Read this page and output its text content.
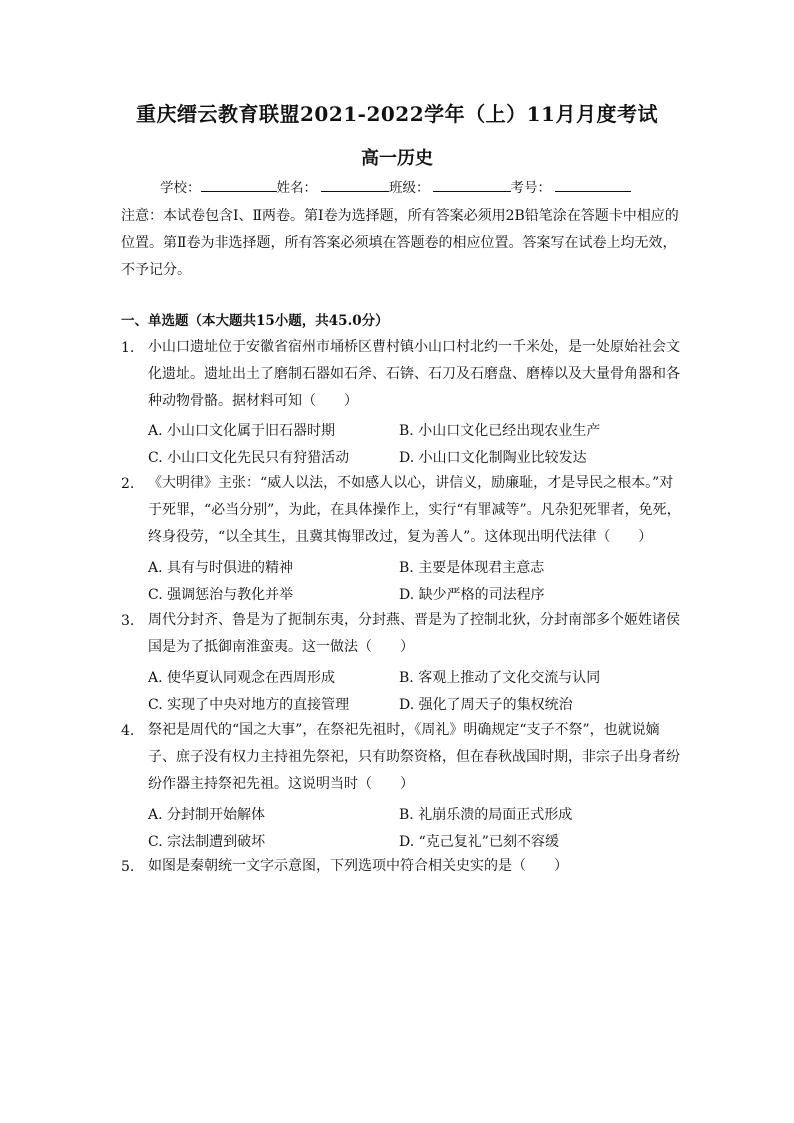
重庆缙云教育联盟2021-2022学年（上）11月月度考试
高一历史
学校：	姓名：	班级：	考号：
注意：本试卷包含Ⅰ、Ⅱ两卷。第Ⅰ卷为选择题，所有答案必须用2B铅笔涂在答题卡中相应的位置。第Ⅱ卷为非选择题，所有答案必须填在答题卷的相应位置。答案写在试卷上均无效，不予记分。
一、单选题（本大题共15小题，共45.0分）
1. 小山口遗址位于安徽省宿州市埇桥区曹村镇小山口村北约一千米处，是一处原始社会文化遗址。遗址出土了磨制石器如石斧、石锛、石刀及石磨盘、磨棒以及大量骨角器和各种动物骨骼。据材料可知（　　）
A. 小山口文化属于旧石器时期	B. 小山口文化已经出现农业生产
C. 小山口文化先民只有狩猎活动	D. 小山口文化制陶业比较发达
2. 《大明律》主张：“威人以法，不如感人以心，讲信义，励廉耻，才是导民之根本。”对于死罪，“必当分别”，为此，在具体操作上，实行“有罪减等”。凡杂犯死罪者，免死，终身役劳，“以全其生，且冀其悔罪改过，复为善人”。这体现出明代法律（　　）
A. 具有与时俱进的精神	B. 主要是体现君主意志
C. 强调惩治与教化并举	D. 缺少严格的司法程序
3. 周代分封齐、鲁是为了扼制东夷，分封燕、晋是为了控制北狄，分封南部多个姬姓诸侯国是为了抵御南淮蛮夷。这一做法（　　）
A. 使华夏认同观念在西周形成	B. 客观上推动了文化交流与认同
C. 实现了中央对地方的直接管理	D. 强化了周天子的集权统治
4. 祭祀是周代的“国之大事”，在祭祀先祖时，《周礼》明确规定“支子不祭”，也就说嫡子、庶子没有权力主持祖先祭祀，只有助祭资格，但在春秋战国时期，非宗子出身者纷纷作器主持祭祀先祖。这说明当时（　　）
A. 分封制开始解体	B. 礼崩乐溃的局面正式形成
C. 宗法制遭到破坏	D. “克己复礼”已刻不容缓
5. 如图是秦朝统一文字示意图，下列选项中符合相关史实的是（　　）
